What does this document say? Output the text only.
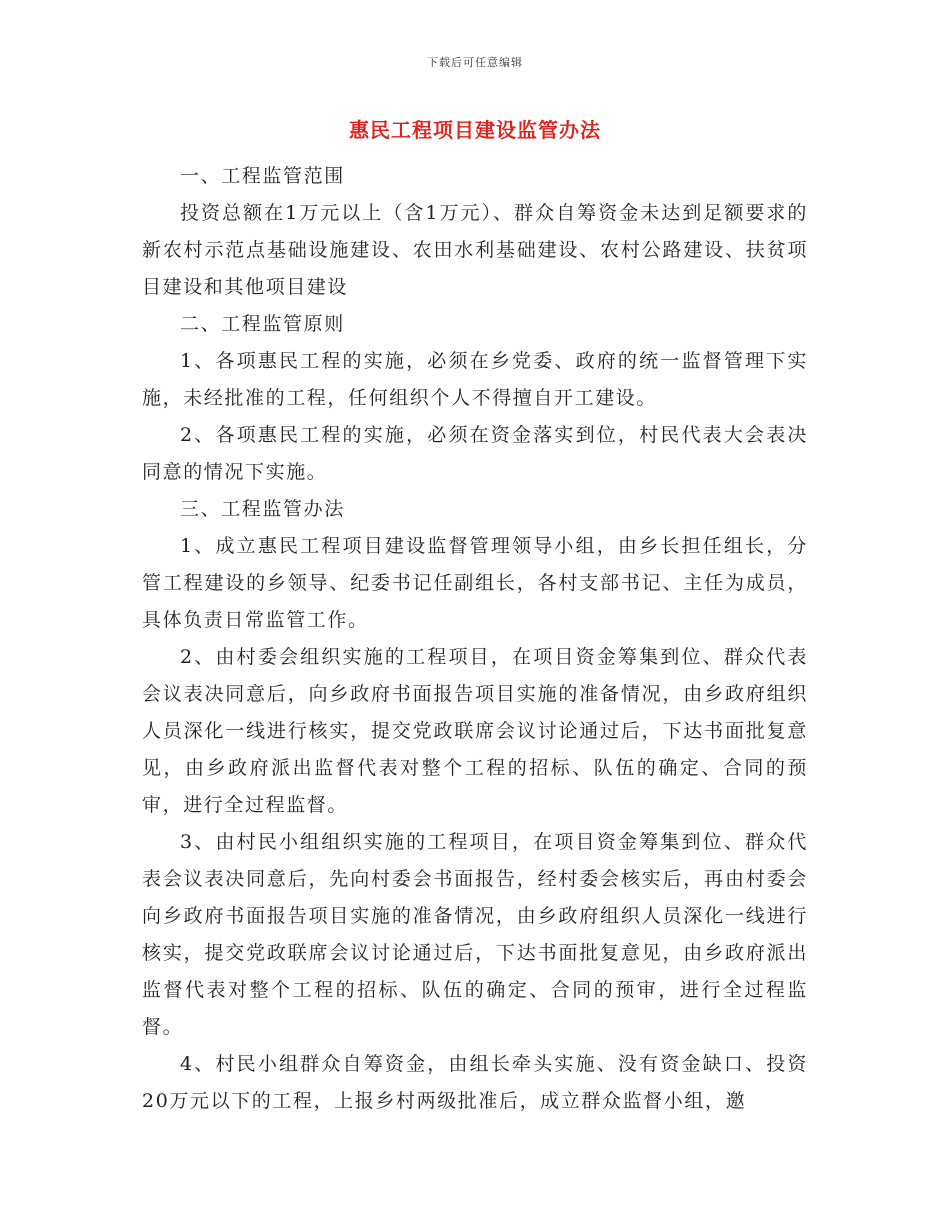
下载后可任意编辑
惠民工程项目建设监管办法

一、工程监管范围

投资总额在1万元以上（含1万元）、群众自筹资金未达到足额要求的新农村示范点基础设施建设、农田水利基础建设、农村公路建设、扶贫项目建设和其他项目建设

二、工程监管原则

1、各项惠民工程的实施，必须在乡党委、政府的统一监督管理下实施，未经批准的工程，任何组织个人不得擅自开工建设。

2、各项惠民工程的实施，必须在资金落实到位，村民代表大会表决同意的情况下实施。

三、工程监管办法

1、成立惠民工程项目建设监督管理领导小组，由乡长担任组长，分管工程建设的乡领导、纪委书记任副组长，各村支部书记、主任为成员，具体负责日常监管工作。

2、由村委会组织实施的工程项目，在项目资金筹集到位、群众代表会议表决同意后，向乡政府书面报告项目实施的准备情况，由乡政府组织人员深化一线进行核实，提交党政联席会议讨论通过后，下达书面批复意见，由乡政府派出监督代表对整个工程的招标、队伍的确定、合同的预审，进行全过程监督。

3、由村民小组组织实施的工程项目，在项目资金筹集到位、群众代表会议表决同意后，先向村委会书面报告，经村委会核实后，再由村委会向乡政府书面报告项目实施的准备情况，由乡政府组织人员深化一线进行核实，提交党政联席会议讨论通过后，下达书面批复意见，由乡政府派出监督代表对整个工程的招标、队伍的确定、合同的预审，进行全过程监督。

4、村民小组群众自筹资金，由组长牵头实施、没有资金缺口、投资20万元以下的工程，上报乡村两级批准后，成立群众监督小组，邀
